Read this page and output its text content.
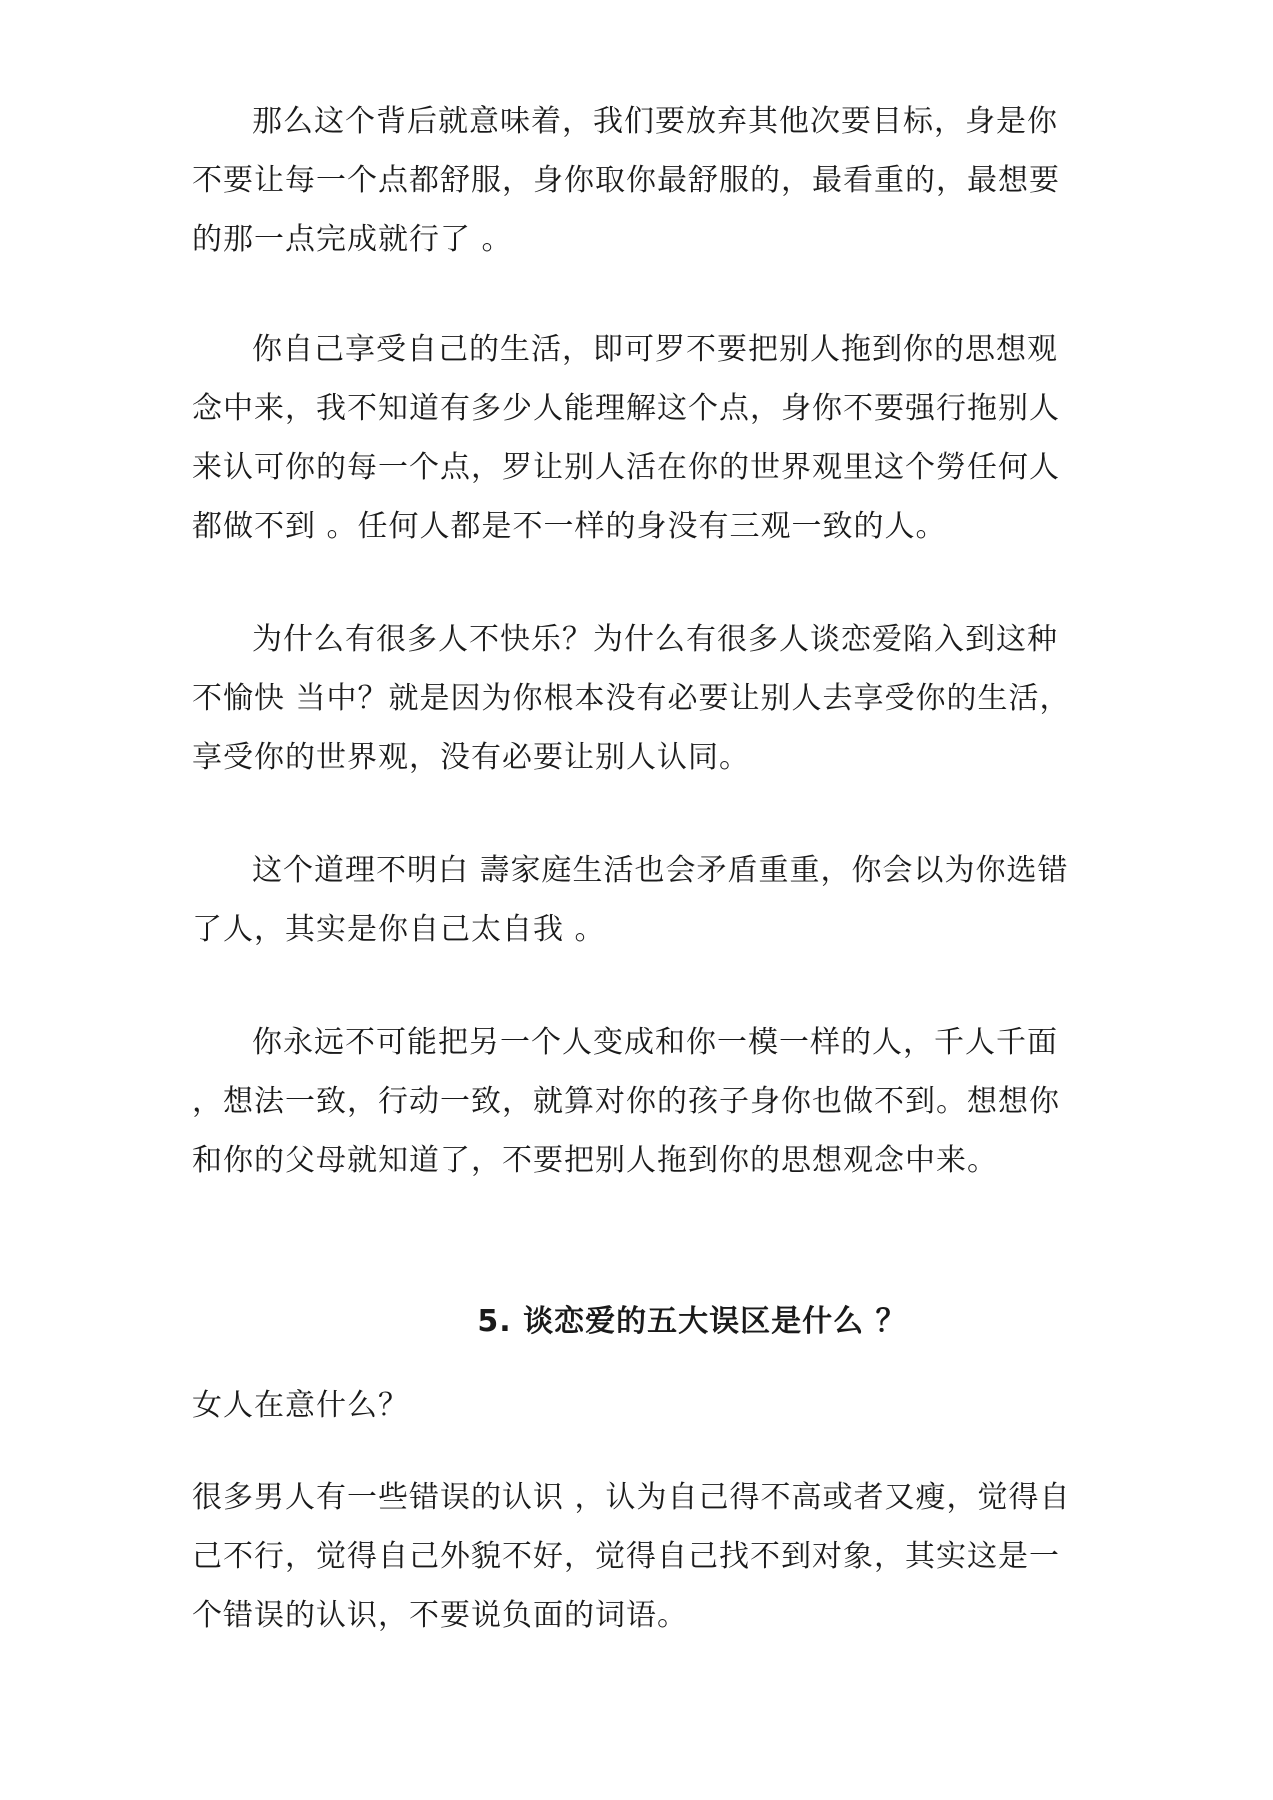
那么这个背后就意味着，我们要放弃其他次要目标，身是你不要让每一个点都舒服，身你取你最舒服的，最看重的，最想要的那一点完成就行了 。

你自己享受自己的生活，即可罗不要把别人拖到你的思想观念中来，我不知道有多少人能理解这个点，身你不要强行拖别人来认可你的每一个点，罗让别人活在你的世界观里这个勞任何人都做不到 。任何人都是不一样的身没有三观一致的人。

为什么有很多人不快乐？为什么有很多人谈恋爱陷入到这种不愉快 当中？就是因为你根本没有必要让别人去享受你的生活，享受你的世界观，没有必要让别人认同。

这个道理不明白 壽家庭生活也会矛盾重重，你会以为你选错了人，其实是你自己太自我 。

你永远不可能把另一个人变成和你一模一样的人，千人千面 ，想法一致，行动一致，就算对你的孩子身你也做不到。想想你和你的父母就知道了，不要把别人拖到你的思想观念中来。

5. 谈恋爱的五大误区是什么 ？

女人在意什么？

很多男人有一些错误的认识 ，认为自己得不高或者又瘦，觉得自己不行，觉得自己外貌不好，觉得自己找不到对象，其实这是一个错误的认识，不要说负面的词语。
